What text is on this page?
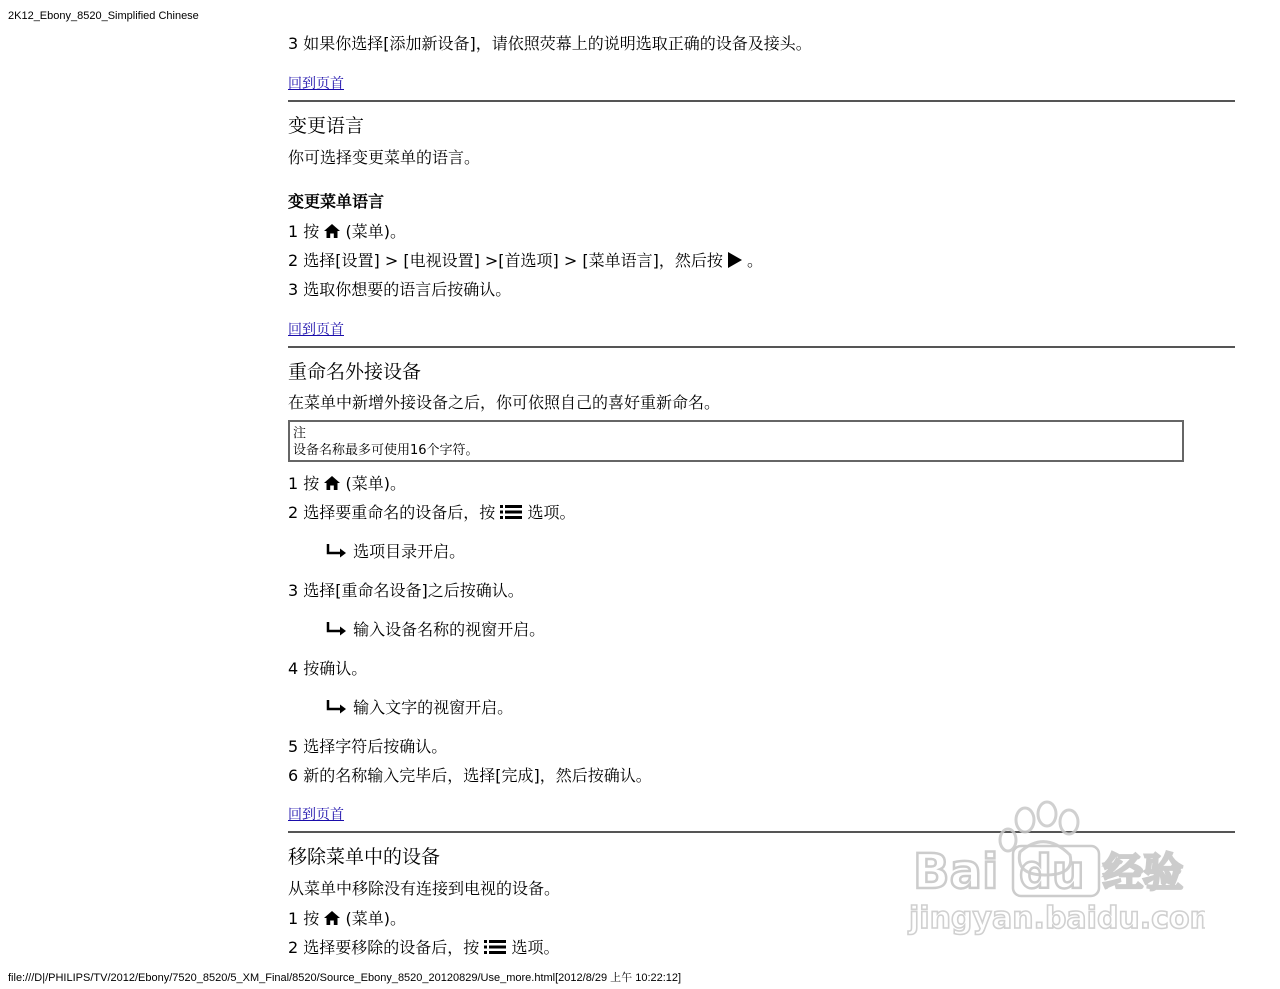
2K12_Ebony_8520_Simplified Chinese
3 如果你选择[添加新设备]，请依照荧幕上的说明选取正确的设备及接头。
回到页首
变更语言
你可选择变更菜单的语言。
变更菜单语言
1 按 (菜单)。
2 选择[设置] > [电视设置] >[首选项] > [菜单语言]，然后按 。
3 选取你想要的语言后按确认。
回到页首
重命名外接设备
在菜单中新增外接设备之后，你可依照自己的喜好重新命名。
注
设备名称最多可使用16个字符。
1 按 (菜单)。
2 选择要重命名的设备后，按 选项。
选项目录开启。
3 选择[重命名设备]之后按确认。
输入设备名称的视窗开启。
4 按确认。
输入文字的视窗开启。
5 选择字符后按确认。
6 新的名称输入完毕后，选择[完成]，然后按确认。
回到页首
移除菜单中的设备
从菜单中移除没有连接到电视的设备。
1 按 (菜单)。
2 选择要移除的设备后，按 选项。
Bai du 经验
jingyan.baidu.com
file:///D|/PHILIPS/TV/2012/Ebony/7520_8520/5_XM_Final/8520/Source_Ebony_8520_20120829/Use_more.html[2012/8/29 上午 10:22:12]
